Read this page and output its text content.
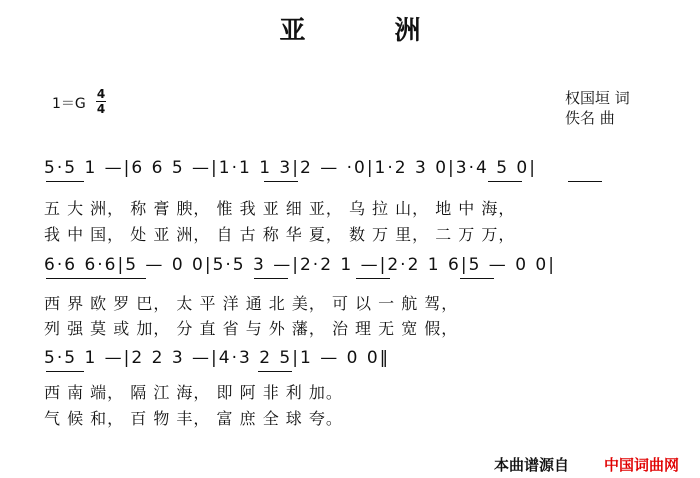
亚 洲
1＝G
4
4
权国垣 词
佚名 曲
5·5 1 —|6 6 5 —|1·1 1 3|2 — ·0|1·2 3 0|3·4 5 0|
五 大 洲， 称 膏 腴， 惟 我 亚 细 亚， 乌 拉 山， 地 中 海，
我 中 国， 处 亚 洲， 自 古 称 华 夏， 数 万 里， 二 万 万，
6·6 6·6|5 — 0 0|5·5 3 —|2·2 1 —|2·2 1 6|5 — 0 0|
西 界 欧 罗 巴， 太 平 洋 通 北 美， 可 以 一 航 驾，
列 强 莫 或 加， 分 直 省 与 外 藩， 治 理 无 宽 假，
5·5 1 —|2 2 3 —|4·3 2 5|1 — 0 0‖
西 南 端， 隔 江 海， 即 阿 非 利 加。
气 候 和， 百 物 丰， 富 庶 全 球 夸。
本曲谱源自 中国词曲网
